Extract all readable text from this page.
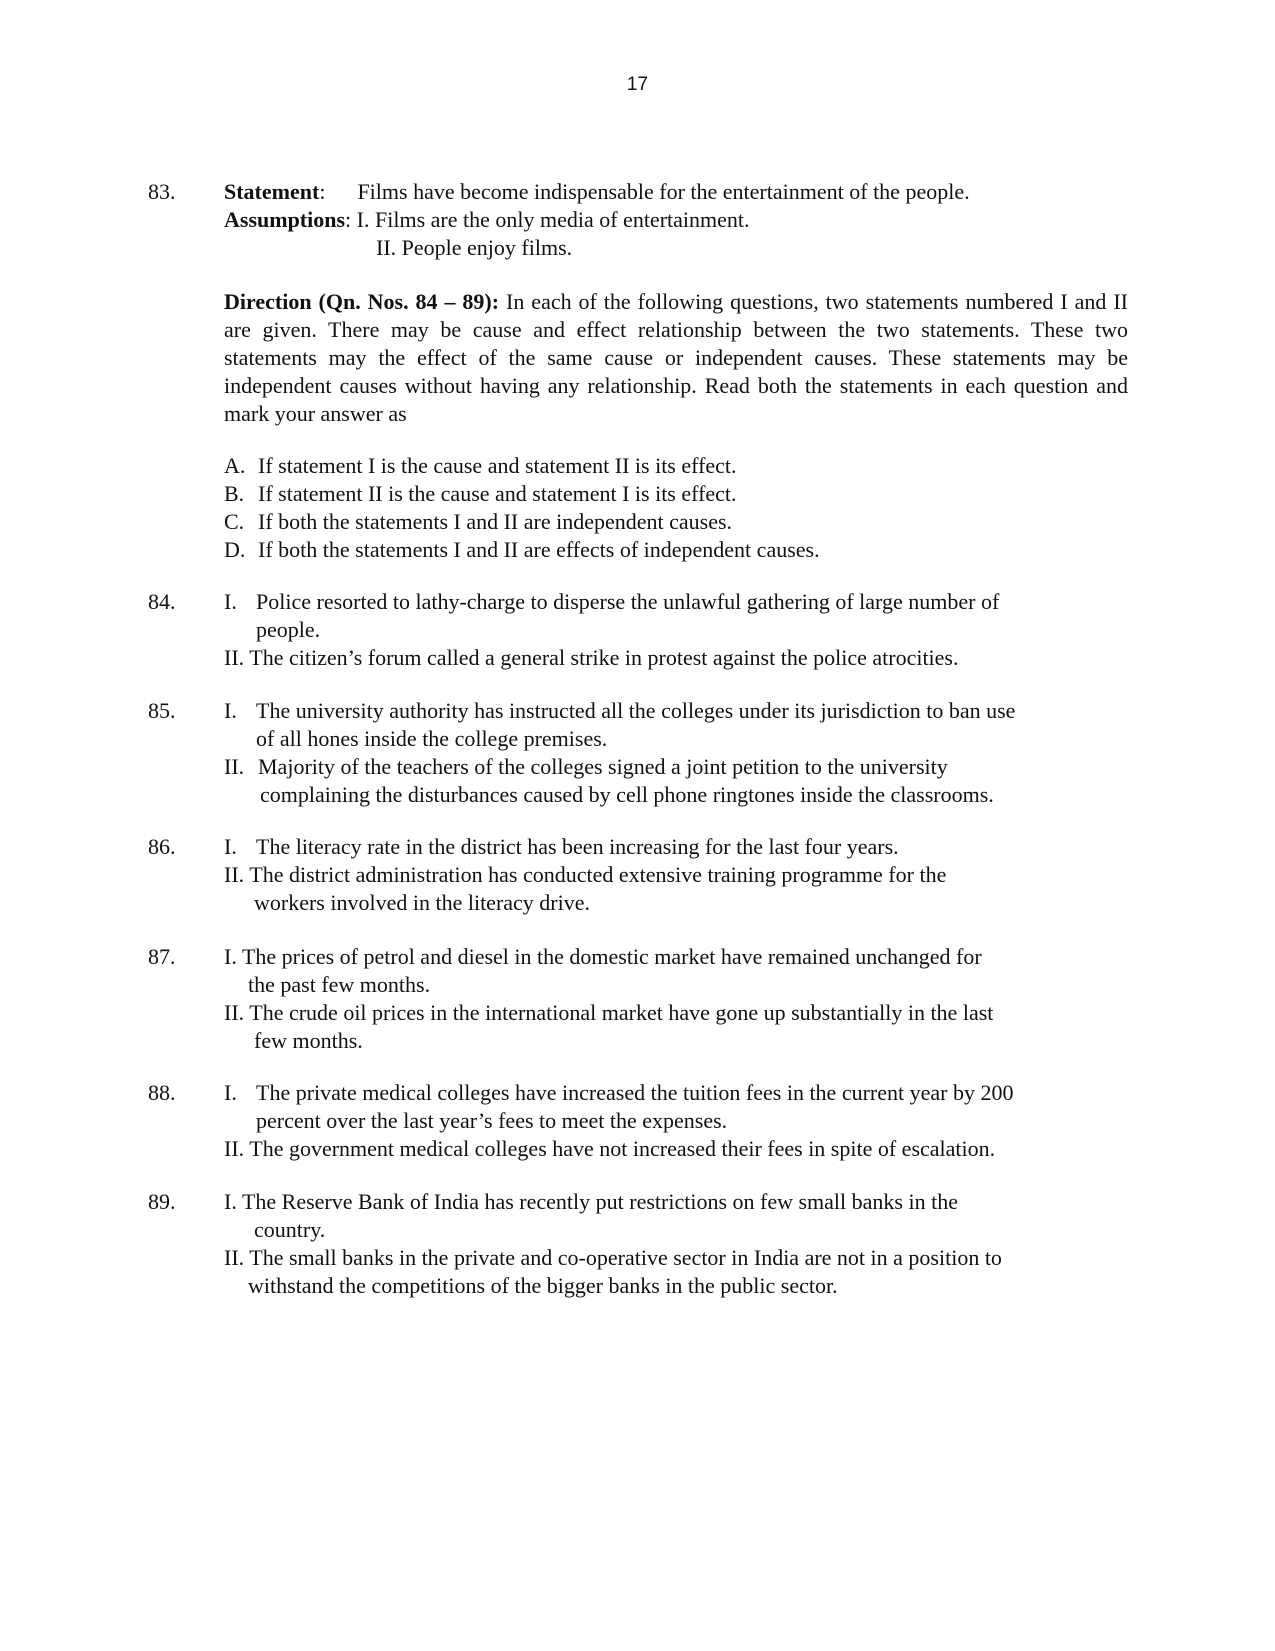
17
83. Statement: Films have become indispensable for the entertainment of the people.
Assumptions: I. Films are the only media of entertainment.
II. People enjoy films.
Direction (Qn. Nos. 84 – 89): In each of the following questions, two statements numbered I and II are given. There may be cause and effect relationship between the two statements. These two statements may the effect of the same cause or independent causes. These statements may be independent causes without having any relationship. Read both the statements in each question and mark your answer as
A. If statement I is the cause and statement II is its effect.
B. If statement II is the cause and statement I is its effect.
C. If both the statements I and II are independent causes.
D. If both the statements I and II are effects of independent causes.
84. I. Police resorted to lathy-charge to disperse the unlawful gathering of large number of
people.
II. The citizen’s forum called a general strike in protest against the police atrocities.
85. I. The university authority has instructed all the colleges under its jurisdiction to ban use
of all hones inside the college premises.
II. Majority of the teachers of the colleges signed a joint petition to the university
complaining the disturbances caused by cell phone ringtones inside the classrooms.
86. I. The literacy rate in the district has been increasing for the last four years.
II. The district administration has conducted extensive training programme for the
workers involved in the literacy drive.
87. I. The prices of petrol and diesel in the domestic market have remained unchanged for
the past few months.
II. The crude oil prices in the international market have gone up substantially in the last
few months.
88. I. The private medical colleges have increased the tuition fees in the current year by 200
percent over the last year’s fees to meet the expenses.
II. The government medical colleges have not increased their fees in spite of escalation.
89. I. The Reserve Bank of India has recently put restrictions on few small banks in the
country.
II. The small banks in the private and co-operative sector in India are not in a position to
withstand the competitions of the bigger banks in the public sector.
